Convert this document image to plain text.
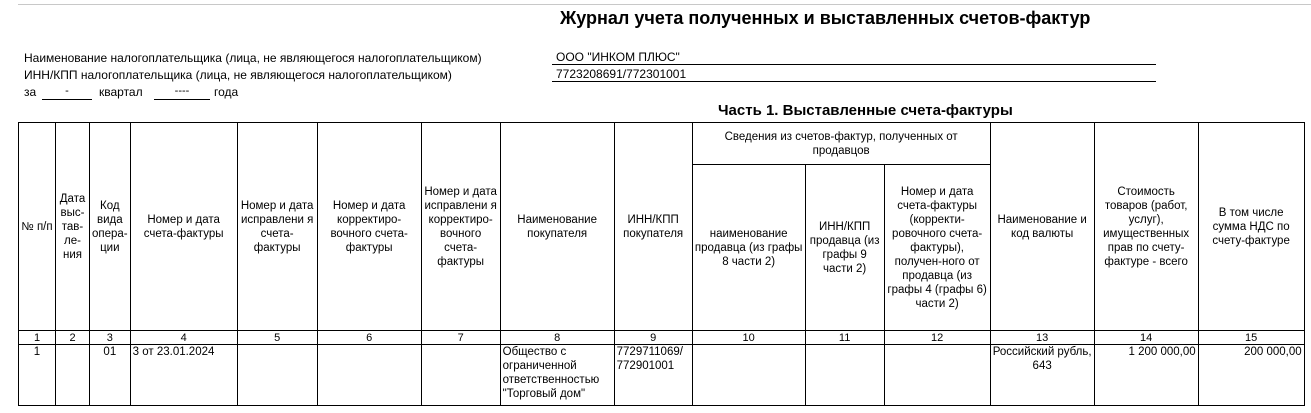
Журнал учета полученных и выставленных счетов-фактур
Наименование налогоплательщика (лица, не являющегося налогоплательщиком)	ООО "ИНКОМ ПЛЮС"
ИНН/КПП налогоплательщика (лица, не являющегося налогоплательщиком)	7723208691/772301001
за	-	квартал	----	года
Часть 1. Выставленные счета-фактуры
№ п/п	Дата выс-тав-ле-ния	Код вида опера-ции	Номер и дата счета-фактуры	Номер и дата исправлени я счета-фактуры	Номер и дата корректиро-вочного счета-фактуры	Номер и дата исправлени я корректиро-вочного счета-фактуры	Наименование покупателя	ИНН/КПП покупателя	Сведения из счетов-фактур, полученных от продавцов			Наименование и код валюты	Стоимость товаров (работ, услуг), имущественных прав по счету-фактуре - всего	В том числе сумма НДС по счету-фактуре
									наименование продавца (из графы 8 части 2)	ИНН/КПП продавца (из графы 9 части 2)	Номер и дата счета-фактуры (корректи-ровочного счета-фактуры), получен-ного от продавца (из графы 4 (графы 6) части 2)			
1	2	3	4	5	6	7	8	9	10	11	12	13	14	15
1		01	3 от 23.01.2024				Общество с ограниченной ответственностью "Торговый дом"	7729711069/ 772901001				Российский рубль, 643	1 200 000,00	200 000,00
